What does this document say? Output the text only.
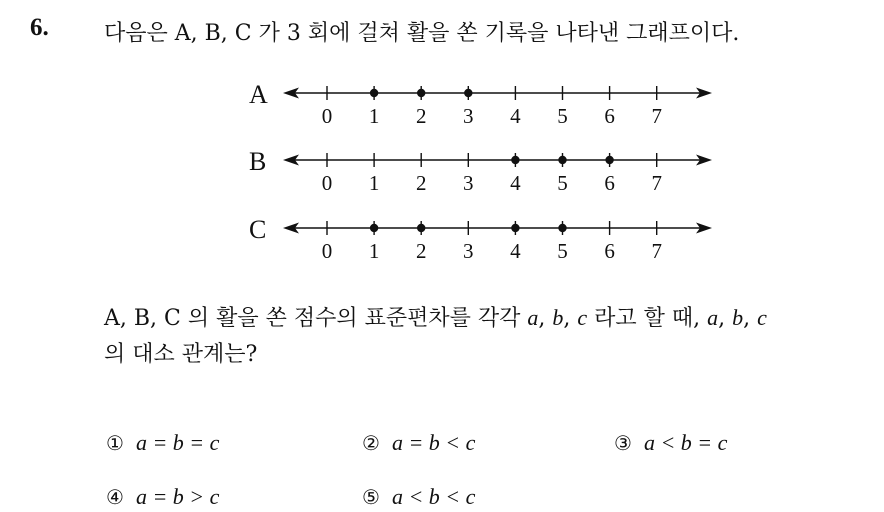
6.	다음은 A, B, C 가 3 회에 걸쳐 활을 쏜 기록을 나타낸 그래프이다.
A
0 1 2 3 4 5 6 7
B
0 1 2 3 4 5 6 7
C
0 1 2 3 4 5 6 7
A, B, C 의 활을 쏜 점수의 표준편차를 각각 a, b, c 라고 할 때, a, b, c
의 대소 관계는?
① a = b = c	② a = b < c	③ a < b = c
④ a = b > c	⑤ a < b < c
